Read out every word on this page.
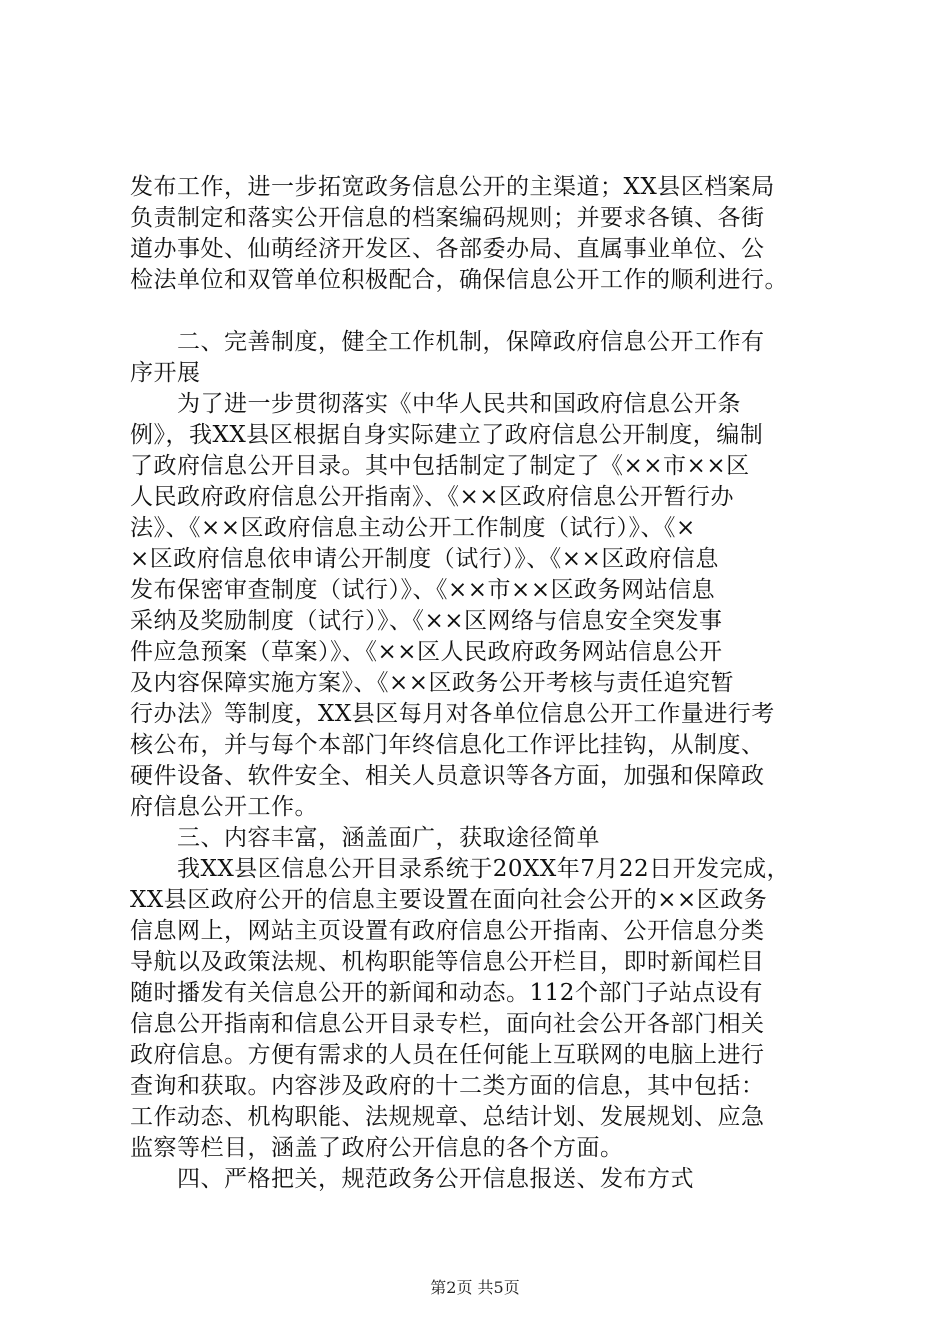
发布工作，进一步拓宽政务信息公开的主渠道；XX县区档案局
负责制定和落实公开信息的档案编码规则；并要求各镇、各街
道办事处、仙萌经济开发区、各部委办局、直属事业单位、公
检法单位和双管单位积极配合，确保信息公开工作的顺利进行。
　　二、完善制度，健全工作机制，保障政府信息公开工作有
序开展
　　为了进一步贯彻落实《中华人民共和国政府信息公开条
例》，我XX县区根据自身实际建立了政府信息公开制度，编制
了政府信息公开目录。其中包括制定了制定了《××市××区
人民政府政府信息公开指南》、《××区政府信息公开暂行办
法》、《××区政府信息主动公开工作制度（试行）》、《×
×区政府信息依申请公开制度（试行）》、《××区政府信息
发布保密审查制度（试行）》、《××市××区政务网站信息
采纳及奖励制度（试行）》、《××区网络与信息安全突发事
件应急预案（草案）》、《××区人民政府政务网站信息公开
及内容保障实施方案》、《××区政务公开考核与责任追究暂
行办法》等制度，XX县区每月对各单位信息公开工作量进行考
核公布，并与每个本部门年终信息化工作评比挂钩，从制度、
硬件设备、软件安全、相关人员意识等各方面，加强和保障政
府信息公开工作。
　　三、内容丰富，涵盖面广，获取途径简单
　　我XX县区信息公开目录系统于20XX年7月22日开发完成，
XX县区政府公开的信息主要设置在面向社会公开的××区政务
信息网上，网站主页设置有政府信息公开指南、公开信息分类
导航以及政策法规、机构职能等信息公开栏目，即时新闻栏目
随时播发有关信息公开的新闻和动态。112个部门子站点设有
信息公开指南和信息公开目录专栏，面向社会公开各部门相关
政府信息。方便有需求的人员在任何能上互联网的电脑上进行
查询和获取。内容涉及政府的十二类方面的信息，其中包括：
工作动态、机构职能、法规规章、总结计划、发展规划、应急
监察等栏目，涵盖了政府公开信息的各个方面。
　　四、严格把关，规范政务公开信息报送、发布方式
第2页 共5页
